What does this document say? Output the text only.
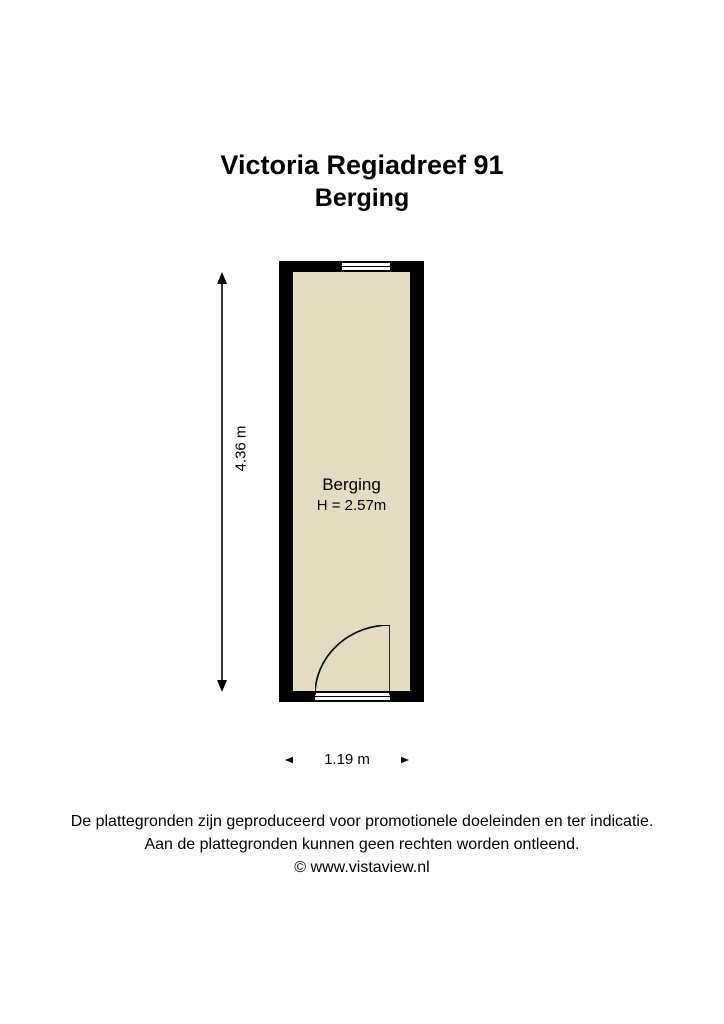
Victoria Regiadreef 91
Berging
Berging
H = 2.57m
4.36 m
1.19 m
De plattegronden zijn geproduceerd voor promotionele doeleinden en ter indicatie.
Aan de plattegronden kunnen geen rechten worden ontleend.
© www.vistaview.nl
